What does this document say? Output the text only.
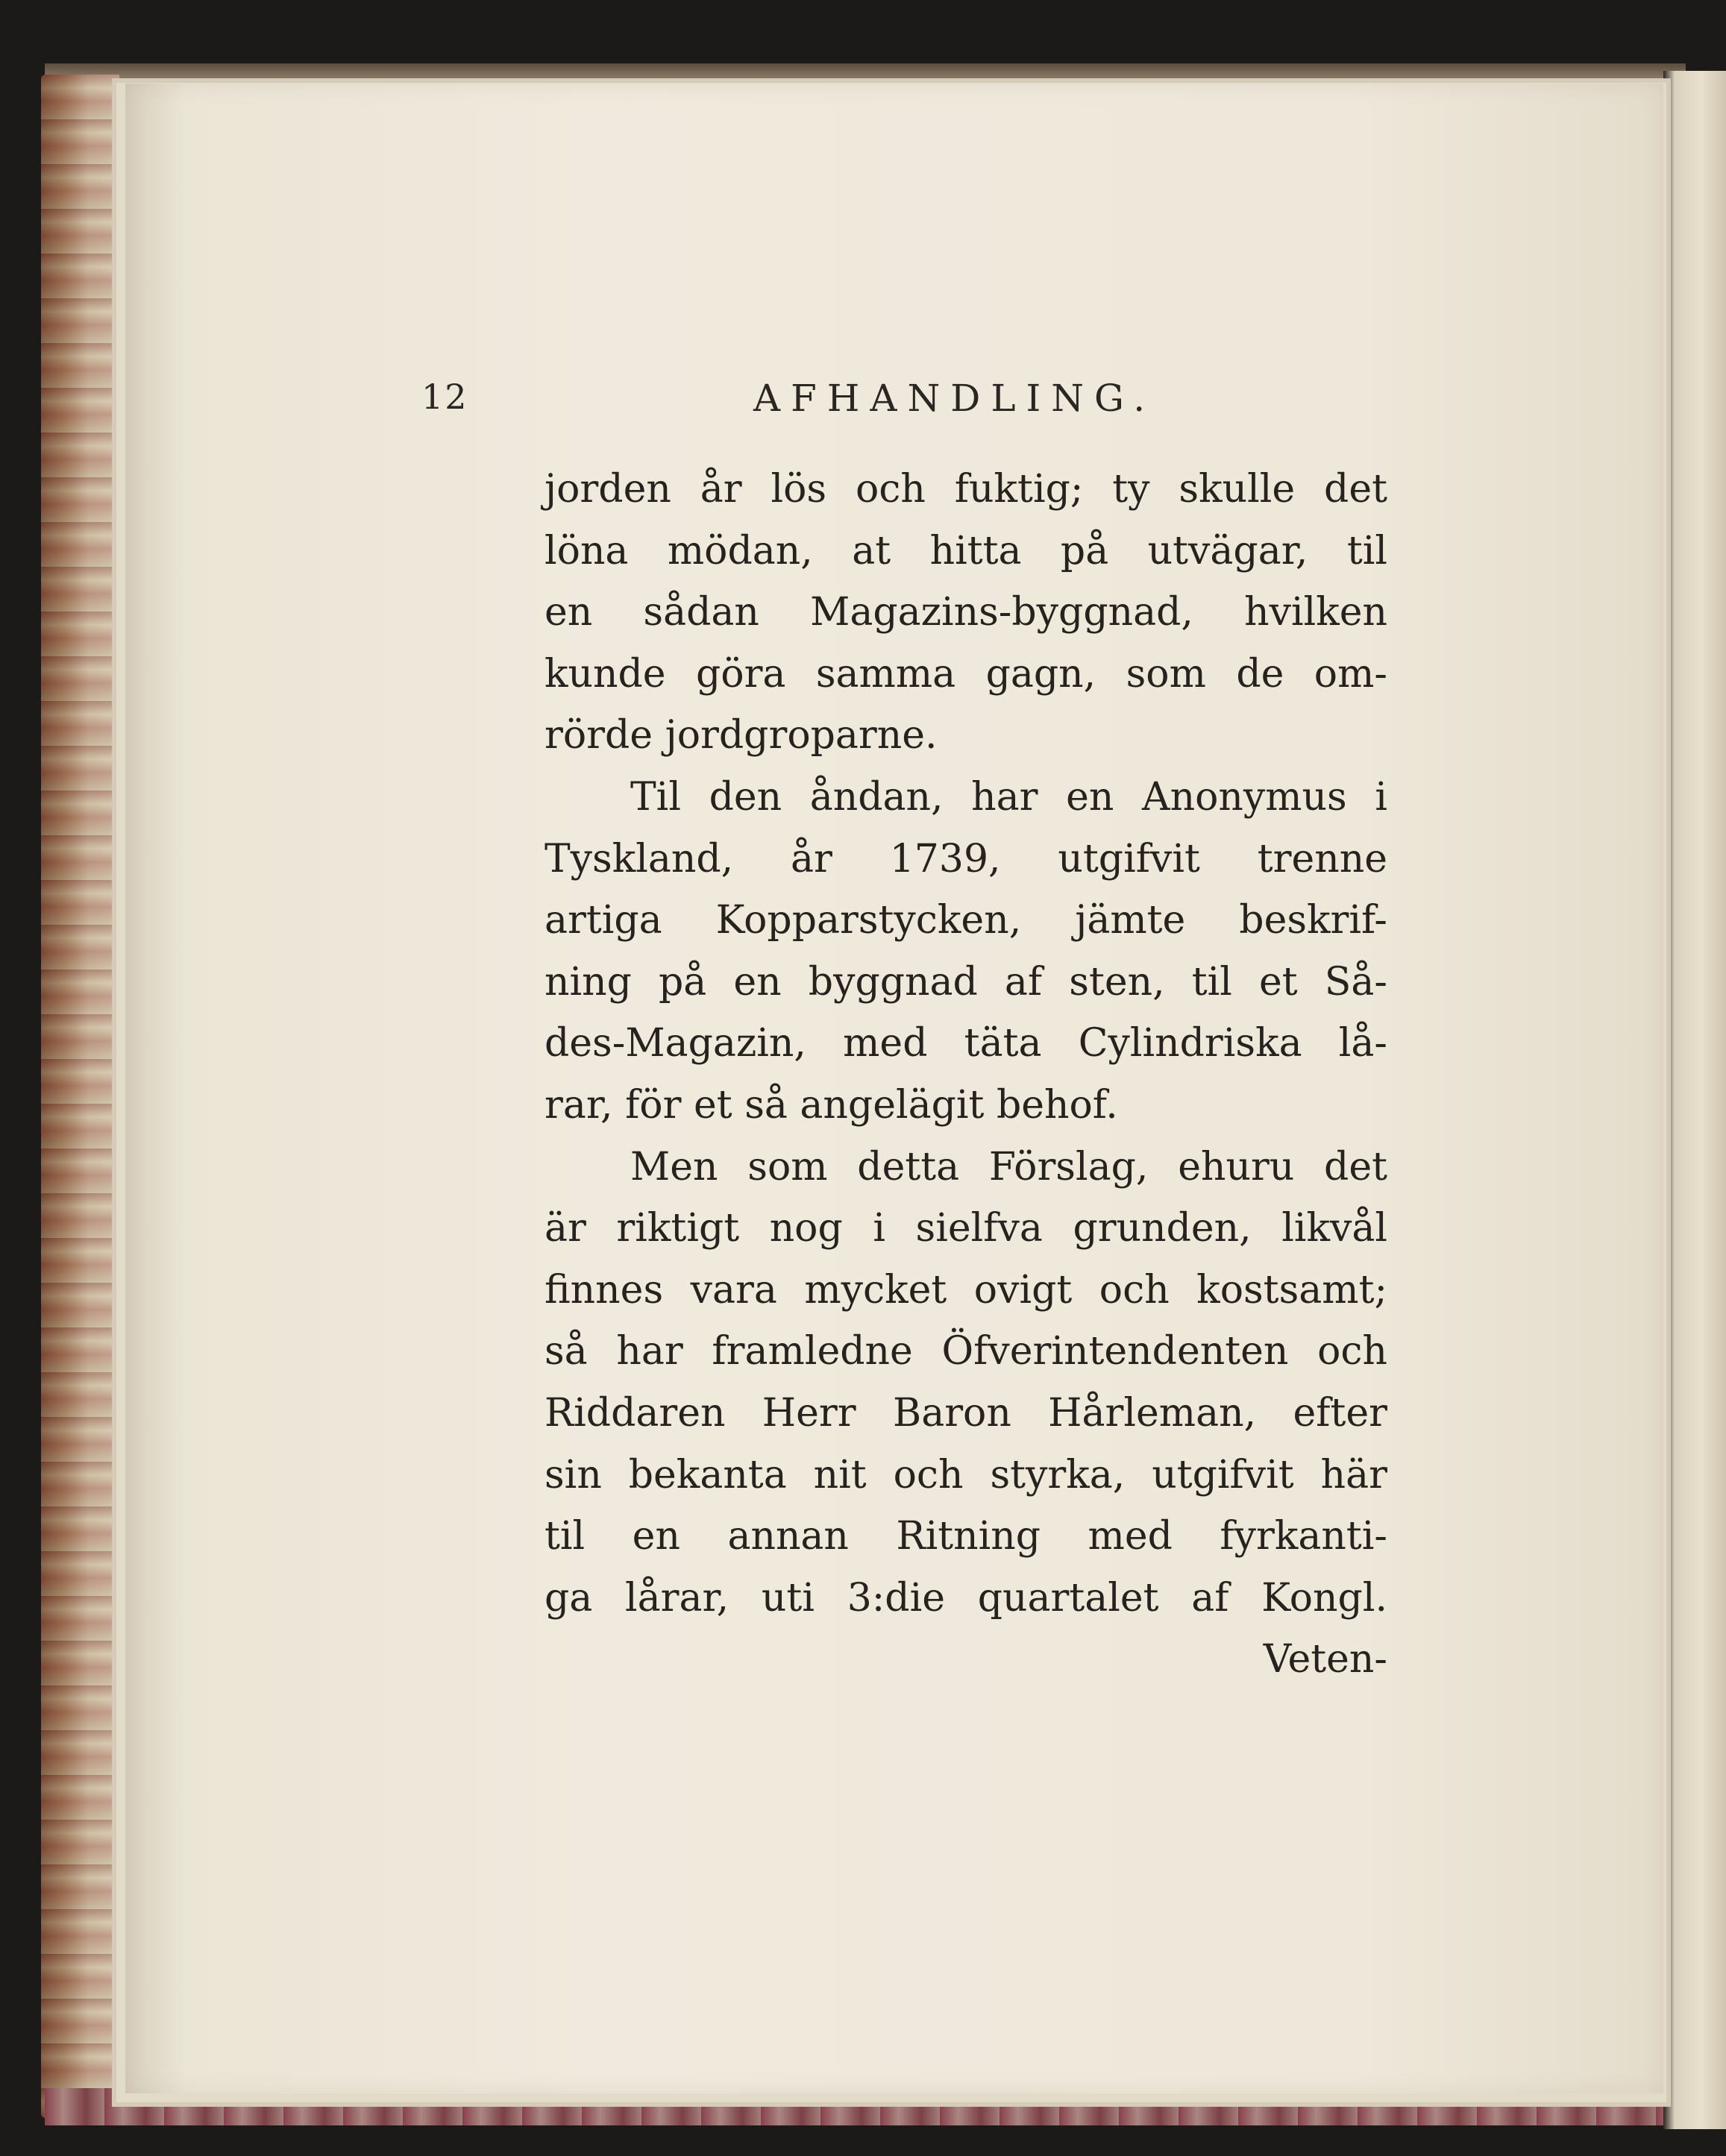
12	AFHANDLING.
jorden år lös och fuktig; ty skulle det
löna mödan, at hitta på utvägar, til
en sådan Magazins-byggnad, hvilken
kunde göra samma gagn, som de om-
rörde jordgroparne.
Til den åndan, har en Anonymus i
Tyskland, år 1739, utgifvit trenne
artiga Kopparstycken, jämte beskrif-
ning på en byggnad af sten, til et Så-
des-Magazin, med täta Cylindriska lå-
rar, för et så angelägit behof.
Men som detta Förslag, ehuru det
är riktigt nog i sielfva grunden, likvål
finnes vara mycket ovigt och kostsamt;
så har framledne Öfverintendenten och
Riddaren Herr Baron Hårleman, efter
sin bekanta nit och styrka, utgifvit här
til en annan Ritning med fyrkanti-
ga lårar, uti 3:die quartalet af Kongl.
Veten-
